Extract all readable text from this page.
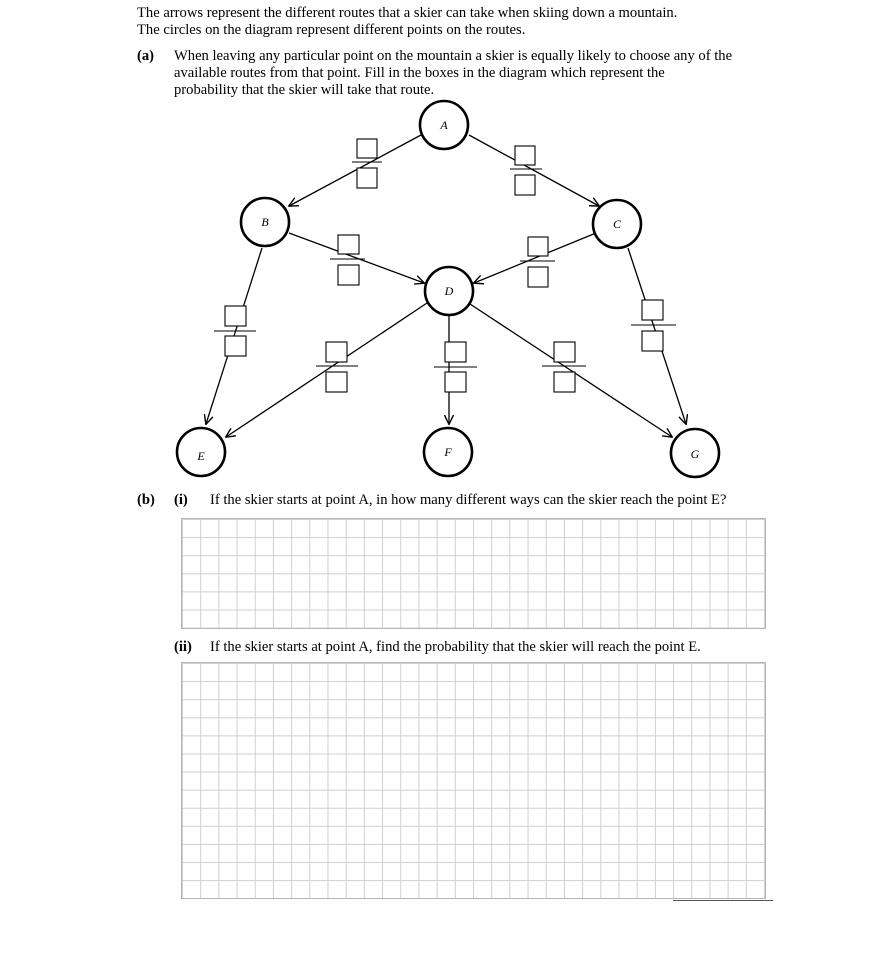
The arrows represent the different routes that a skier can take when skiing down a mountain.
The circles on the diagram represent different points on the routes.
(a) When leaving any particular point on the mountain a skier is equally likely to choose any of the
available routes from that point. Fill in the boxes in the diagram which represent the
probability that the skier will take that route.
A
B	C
D
E	F	G
(b) (i) If the skier starts at point A, in how many different ways can the skier reach the point E?
(ii) If the skier starts at point A, find the probability that the skier will reach the point E.
